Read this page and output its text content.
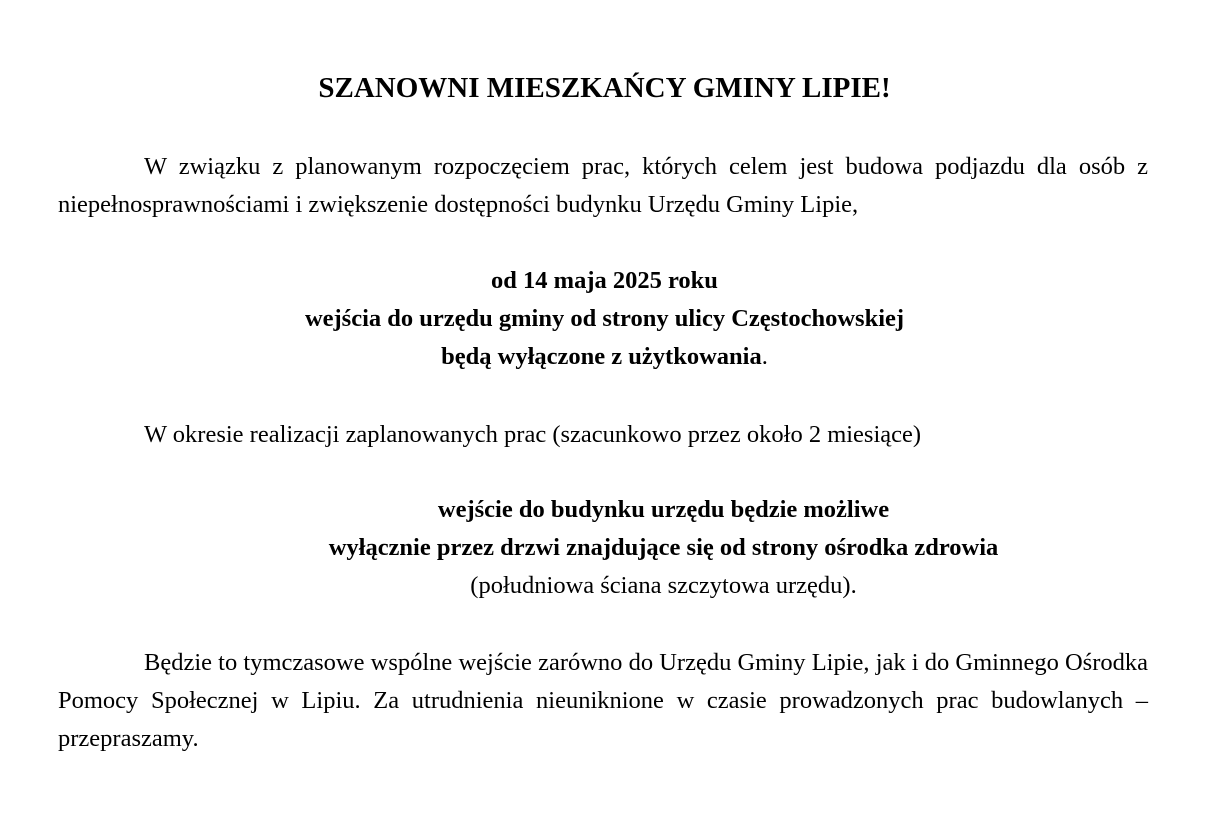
SZANOWNI MIESZKAŃCY GMINY LIPIE!

W związku z planowanym rozpoczęciem prac, których celem jest budowa podjazdu dla osób z niepełnosprawnościami i zwiększenie dostępności budynku Urzędu Gminy Lipie,

od 14 maja 2025 roku
wejścia do urzędu gminy od strony ulicy Częstochowskiej
będą wyłączone z użytkowania.

W okresie realizacji zaplanowanych prac (szacunkowo przez około 2 miesiące)

wejście do budynku urzędu będzie możliwe
wyłącznie przez drzwi znajdujące się od strony ośrodka zdrowia
(południowa ściana szczytowa urzędu).

Będzie to tymczasowe wspólne wejście zarówno do Urzędu Gminy Lipie, jak i do Gminnego Ośrodka Pomocy Społecznej w Lipiu. Za utrudnienia nieuniknione w czasie prowadzonych prac budowlanych – przepraszamy.
